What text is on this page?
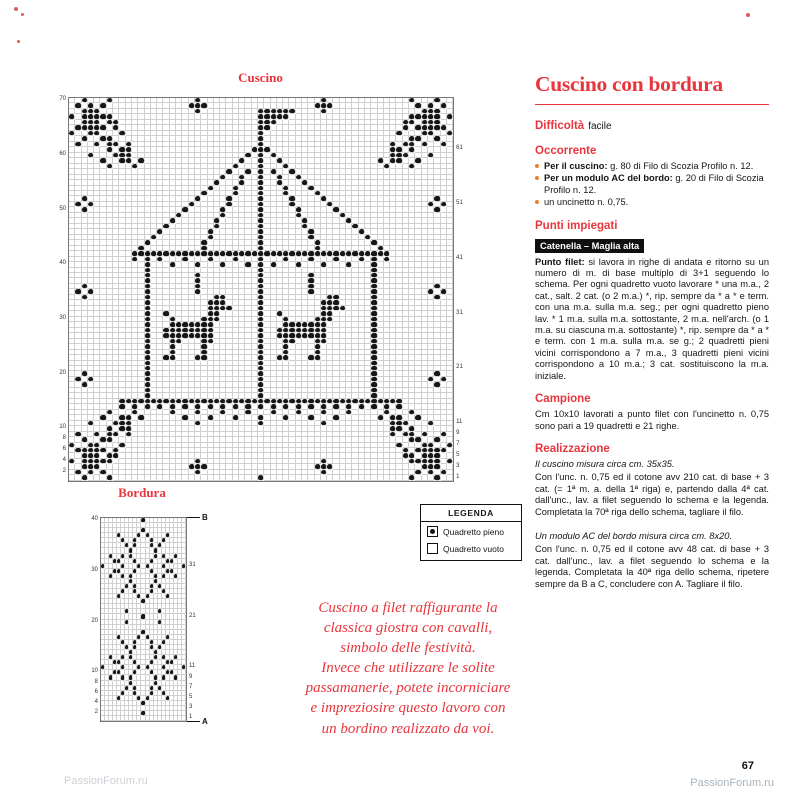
Cuscino
70
60
50
40
30
20
10
8
6
4
2
61
51
41
31
21
11
9
7
5
3
1
Bordura
B
A
40
30
20
10
8
6
4
2
31
21
11
9
7
5
3
1
LEGENDA
Quadretto pieno
Quadretto vuoto
Cuscino a filet raffigurante la
classica giostra con cavalli,
simbolo delle festività.
Invece che utilizzare le solite
passamanerie, potete incorniciare
e impreziosire questo lavoro con
un bordino realizzato da voi.
Cuscino con bordura
Difficoltà facile
Occorrente
Per il cuscino: g. 80 di Filo di Scozia Profilo n. 12.
Per un modulo AC del bordo: g. 20 di Filo di Scozia Profilo n. 12.
un uncinetto n. 0,75.
Punti impiegati
Catenella – Maglia alta

Punto filet: si lavora in righe di andata e ritorno su un numero di m. di base multiplo di 3+1 seguendo lo schema. Per ogni quadretto vuoto lavorare * una m.a., 2 cat., salt. 2 cat. (o 2 m.a.) *, rip. sempre da * a * e term. con una m.a. sulla m.a. seg.; per ogni quadretto pieno lav. * 1 m.a. sulla m.a. sottostante, 2 m.a. nell'arch. (o 1 m.a. su ciascuna m.a. sottostante) *, rip. sempre da * a * e term. con 1 m.a. sulla m.a. se g.; 2 quadretti pieni vicini corrispondono a 7 m.a., 3 quadretti pieni vicini corrispondono a 10 m.a.; 3 cat. sostituiscono la m.a. iniziale.

Campione

Cm 10x10 lavorati a punto filet con l'uncinetto n. 0,75 sono pari a 19 quadretti e 21 righe.

Realizzazione

Il cuscino misura circa cm. 35x35.

Con l'unc. n. 0,75 ed il cotone avv 210 cat. di base + 3 cat. (= 1ª m. a. della 1ª riga) e, partendo dalla 4ª cat. dall'unc., lav. a filet seguendo lo schema e la legenda. Completata la 70ª riga dello schema, tagliare il filo.

Un modulo AC del bordo misura circa cm. 8x20.

Con l'unc. n. 0,75 ed il cotone avv 48 cat. di base + 3 cat. dall'unc., lav. a filet seguendo lo schema e la legenda. Completata la 40ª riga dello schema, ripetere sempre da B a C, concludere con A. Tagliare il filo.

67
PassionForum.ru
PassionForum.ru
